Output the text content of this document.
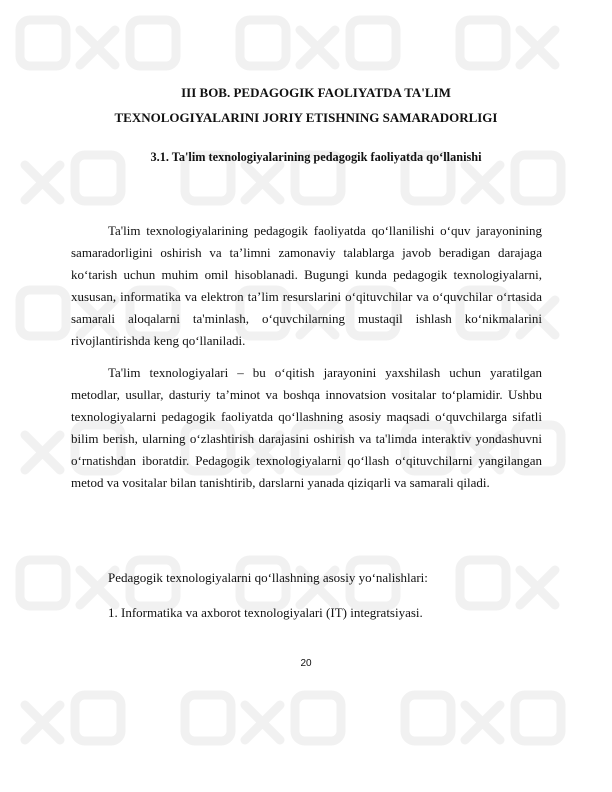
III BOB. PEDAGOGIK FAOLIYATDA TA'LIM

TEXNOLOGIYALARINI JORIY ETISHNING SAMARADORLIGI

3.1. Ta'lim texnologiyalarining pedagogik faoliyatda qo‘llanishi

Ta'lim texnologiyalarining pedagogik faoliyatda qo‘llanilishi o‘quv jarayonining samaradorligini oshirish va ta’limni zamonaviy talablarga javob beradigan darajaga ko‘tarish uchun muhim omil hisoblanadi. Bugungi kunda pedagogik texnologiyalarni, xususan, informatika va elektron ta’lim resurslarini o‘qituvchilar va o‘quvchilar o‘rtasida samarali aloqalarni ta'minlash, o‘quvchilarning mustaqil ishlash ko‘nikmalarini rivojlantirishda keng qo‘llaniladi.

Ta'lim texnologiyalari – bu o‘qitish jarayonini yaxshilash uchun yaratilgan metodlar, usullar, dasturiy ta’minot va boshqa innovatsion vositalar to‘plamidir. Ushbu texnologiyalarni pedagogik faoliyatda qo‘llashning asosiy maqsadi o‘quvchilarga sifatli bilim berish, ularning o‘zlashtirish darajasini oshirish va ta'limda interaktiv yondashuvni o‘rnatishdan iboratdir. Pedagogik texnologiyalarni qo‘llash o‘qituvchilarni yangilangan metod va vositalar bilan tanishtirib, darslarni yanada qiziqarli va samarali qiladi.

Pedagogik texnologiyalarni qo‘llashning asosiy yo‘nalishlari:

1. Informatika va axborot texnologiyalari (IT) integratsiyasi.

20
